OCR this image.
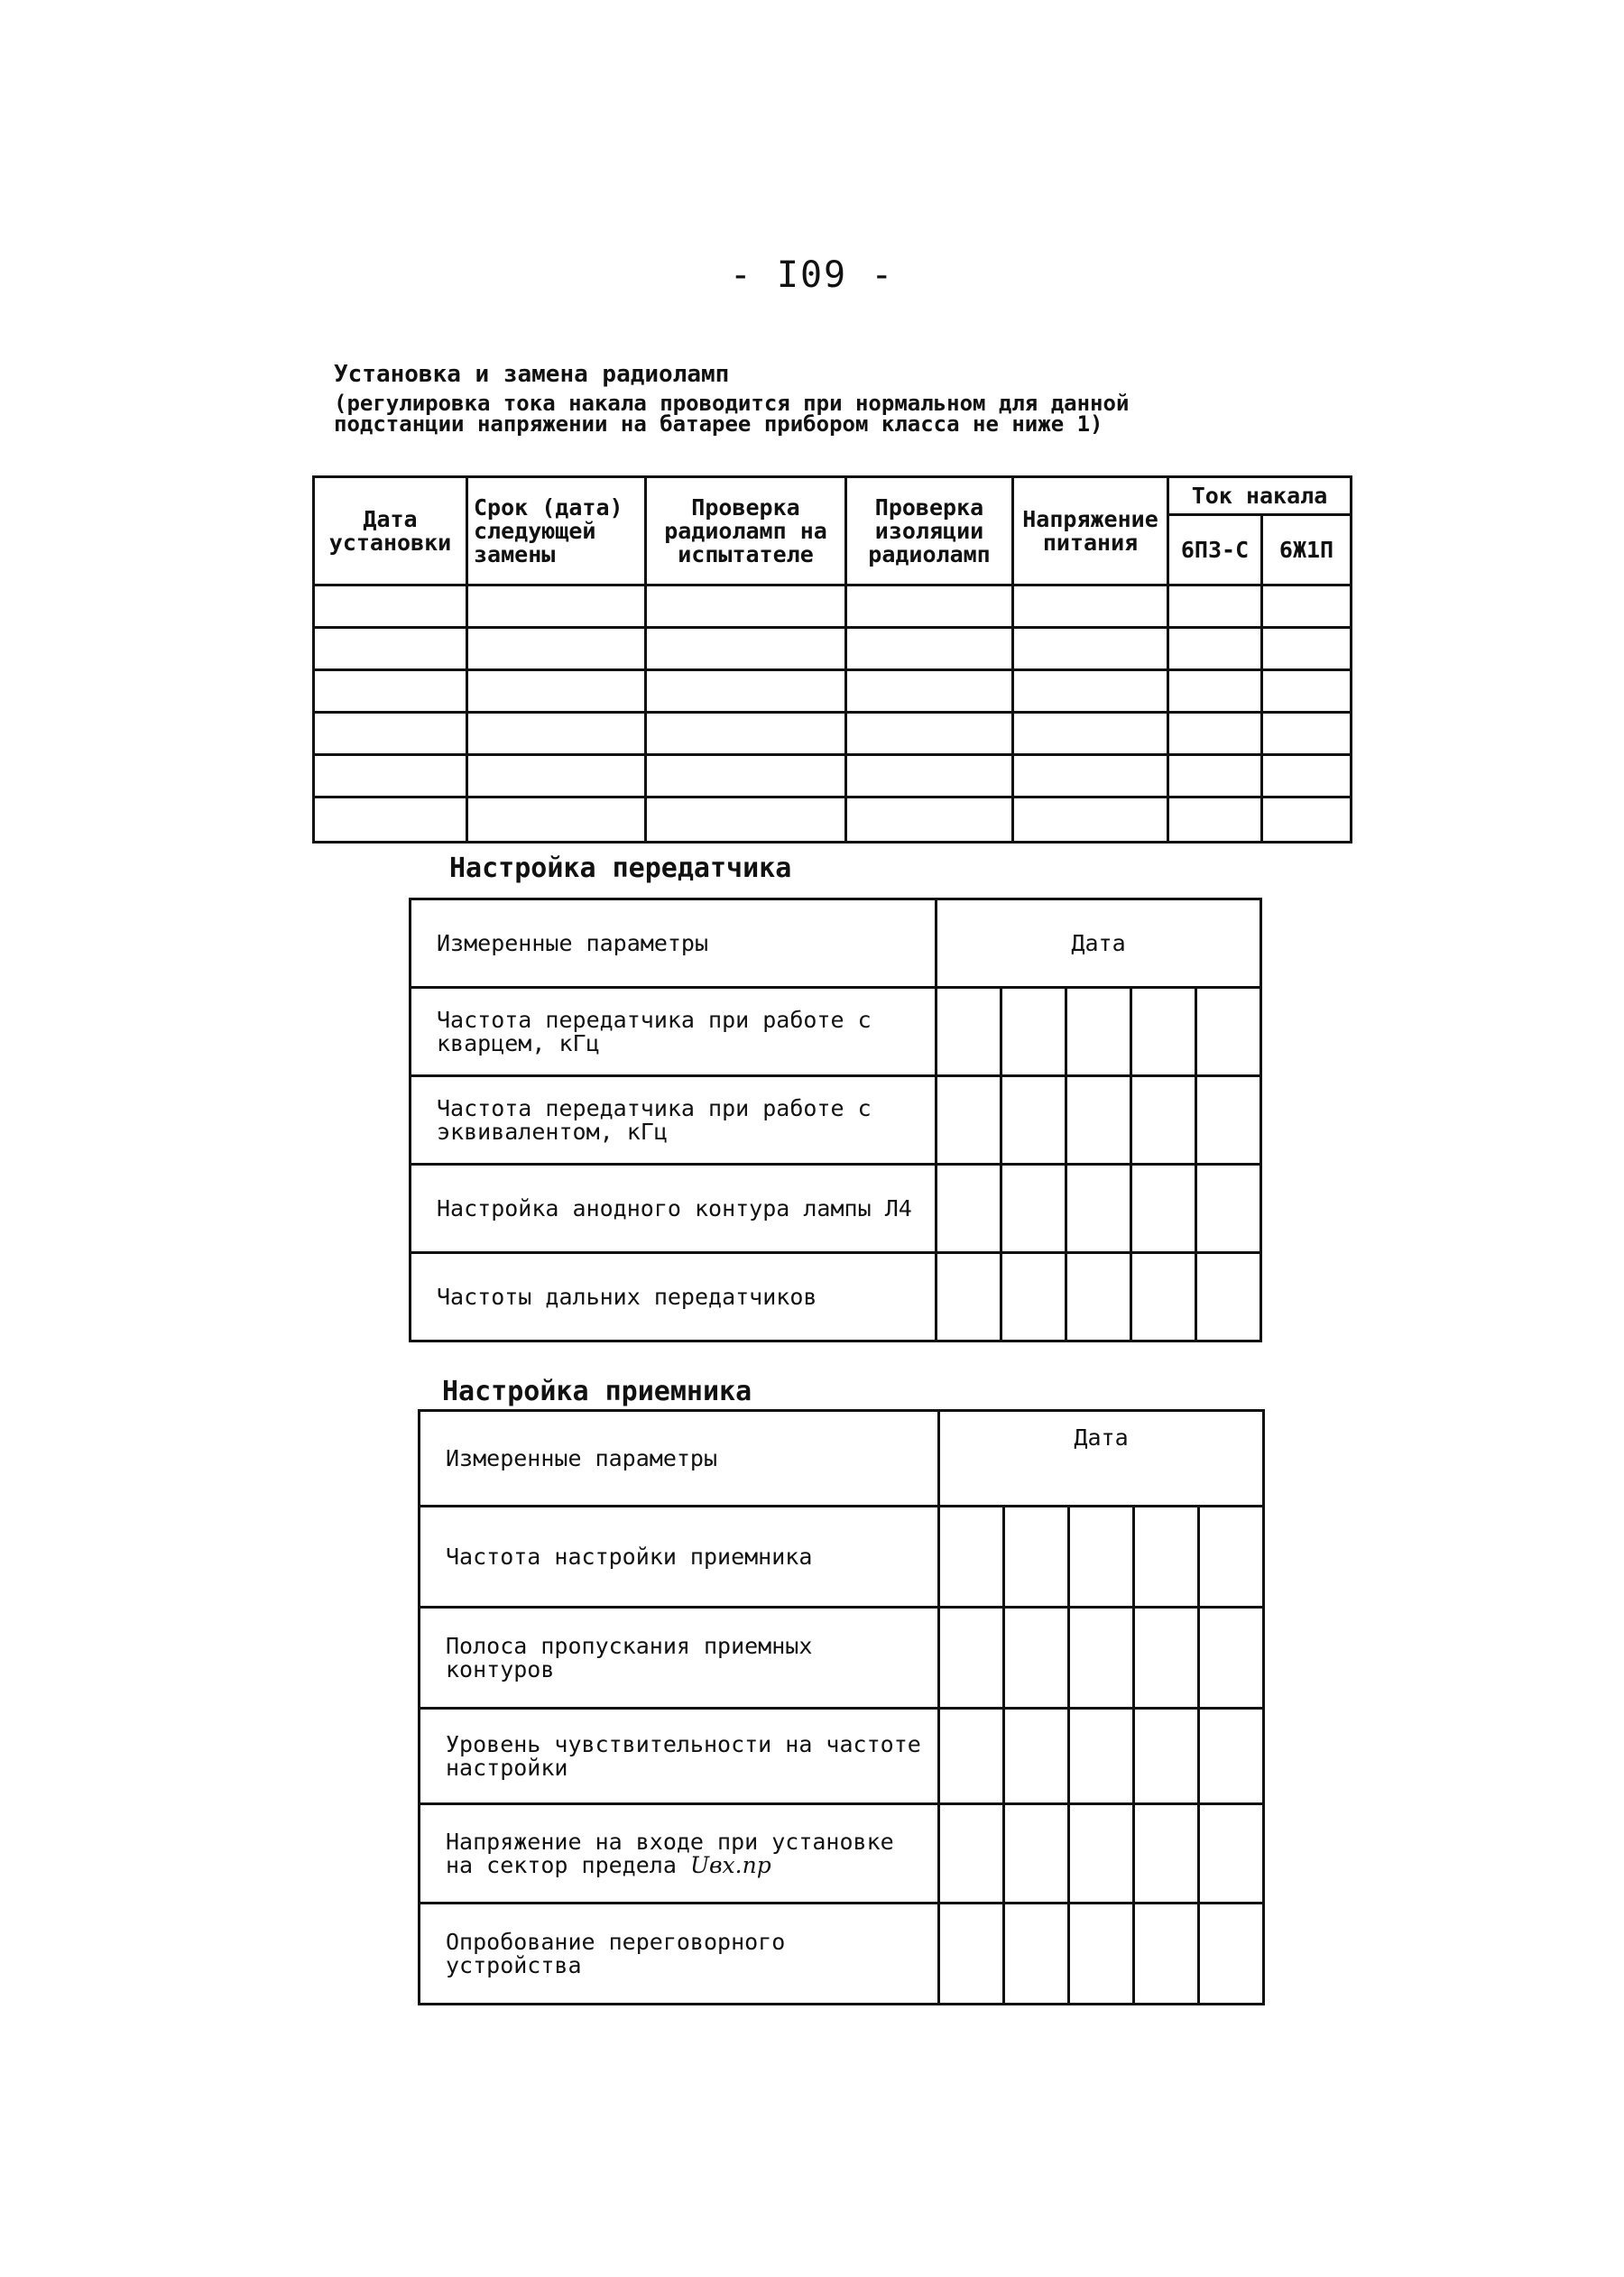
- I09 -
Установка и замена радиоламп
(регулировка тока накала проводится при нормальном для данной подстанции напряжении на батарее прибором класса не ниже 1)
Дата установки	Срок (дата) следующей замены	Проверка радиоламп на испытателе	Проверка изоляции радиоламп	Напряжение питания	Ток накала	
					6П3-С	6Ж1П

Настройка передатчика
Измеренные параметры	Дата				
Частота передатчика при работе с кварцем, кГц					
Частота передатчика при работе с эквивалентом, кГц					
Настройка анодного контура лампы Л4					
Частоты дальних передатчиков					
Настройка приемника
Измеренные параметры	Дата				
Частота настройки приемника					
Полоса пропускания приемных контуров					
Уровень чувствительности на частоте настройки					
Напряжение на входе при установке на сектор предела Uвх.пр					
Опробование переговорного устройства					
